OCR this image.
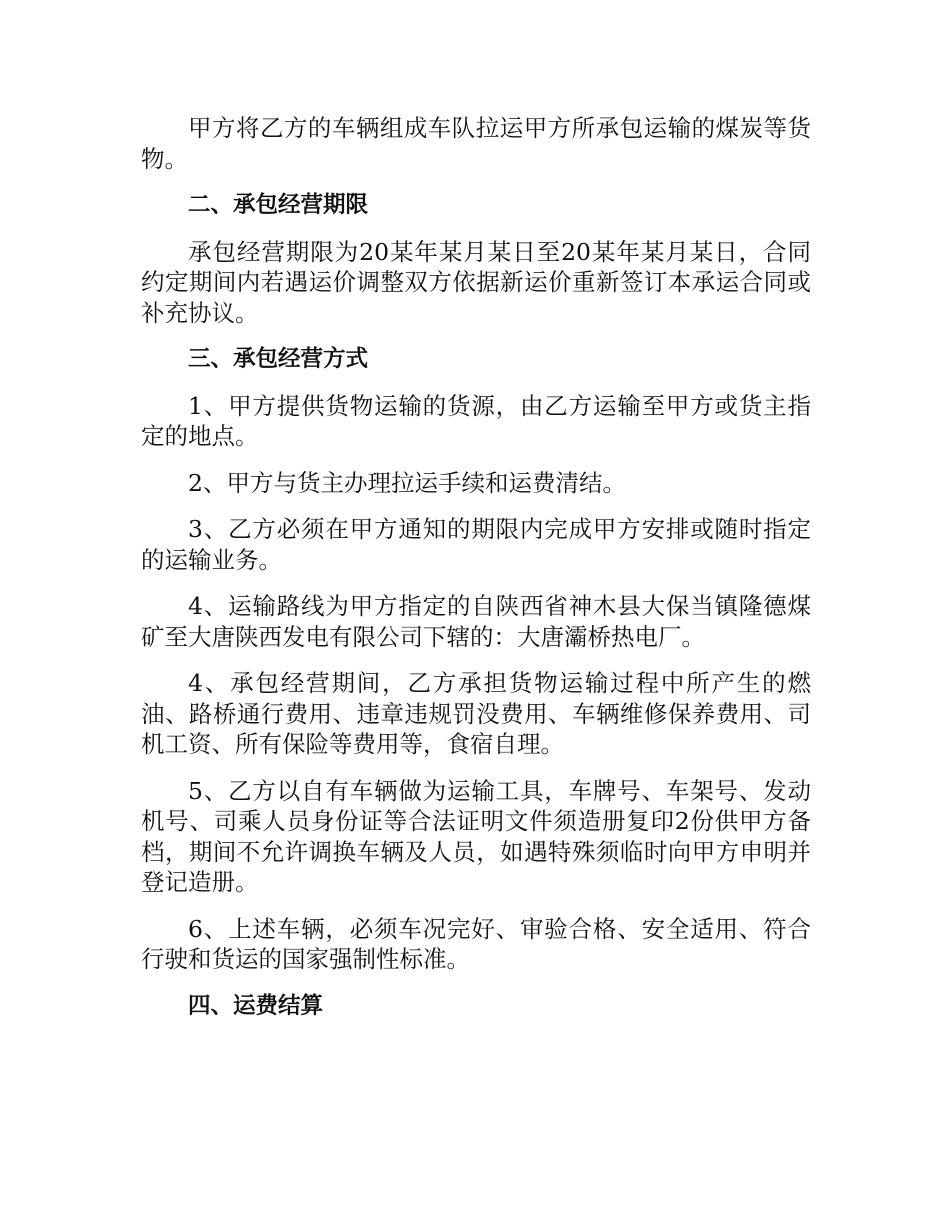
甲方将乙方的车辆组成车队拉运甲方所承包运输的煤炭等货物。

二、承包经营期限

承包经营期限为20某年某月某日至20某年某月某日，合同约定期间内若遇运价调整双方依据新运价重新签订本承运合同或补充协议。

三、承包经营方式

1、甲方提供货物运输的货源，由乙方运输至甲方或货主指定的地点。

2、甲方与货主办理拉运手续和运费清结。

3、乙方必须在甲方通知的期限内完成甲方安排或随时指定的运输业务。

4、运输路线为甲方指定的自陕西省神木县大保当镇隆德煤矿至大唐陕西发电有限公司下辖的：大唐灞桥热电厂。

4、承包经营期间，乙方承担货物运输过程中所产生的燃油、路桥通行费用、违章违规罚没费用、车辆维修保养费用、司机工资、所有保险等费用等，食宿自理。

5、乙方以自有车辆做为运输工具，车牌号、车架号、发动机号、司乘人员身份证等合法证明文件须造册复印2份供甲方备档，期间不允许调换车辆及人员，如遇特殊须临时向甲方申明并登记造册。

6、上述车辆，必须车况完好、审验合格、安全适用、符合行驶和货运的国家强制性标准。

四、运费结算
